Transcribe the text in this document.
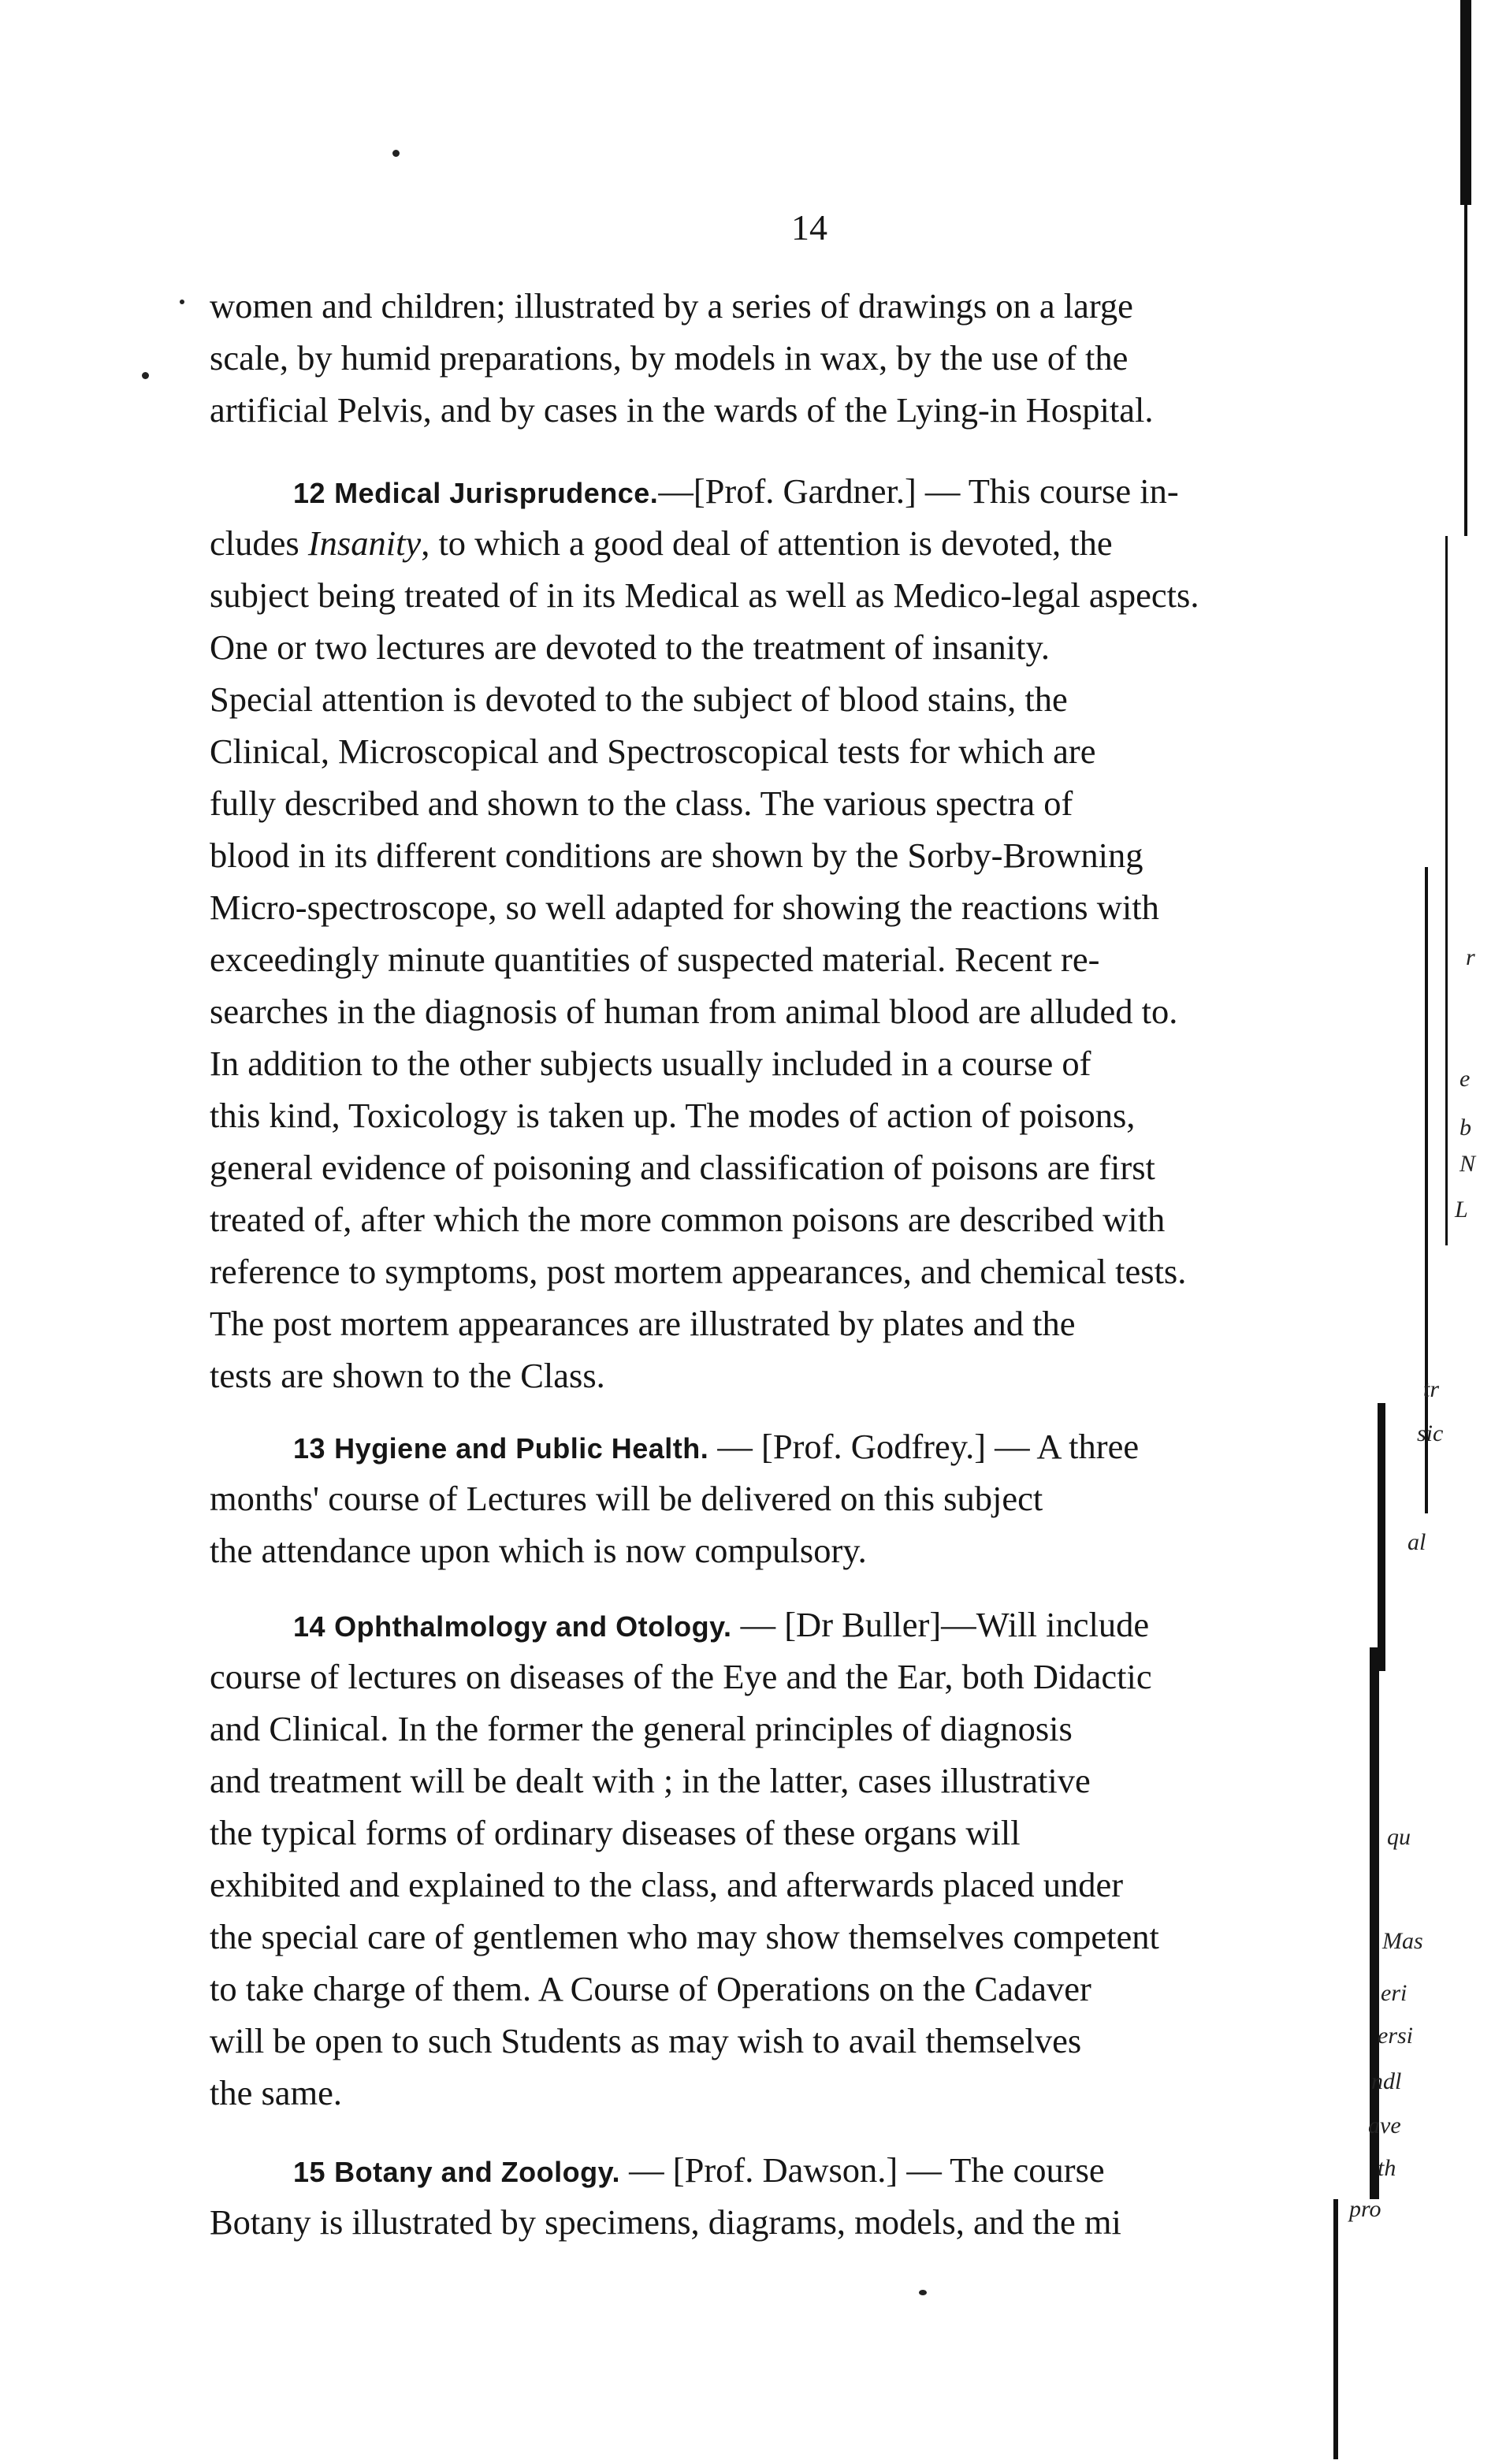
14
women and children; illustrated by a series of drawings on a large
scale, by humid preparations, by models in wax, by the use of the
artificial Pelvis, and by cases in the wards of the Lying-in Hospital.
12 Medical Jurisprudence.—[Prof. Gardner.] — This course in-
cludes Insanity, to which a good deal of attention is devoted, the
subject being treated of in its Medical as well as Medico-legal aspects.
One or two lectures are devoted to the treatment of insanity.
Special attention is devoted to the subject of blood stains, the
Clinical, Microscopical and Spectroscopical tests for which are
fully described and shown to the class. The various spectra of
blood in its different conditions are shown by the Sorby-Browning
Micro-spectroscope, so well adapted for showing the reactions with
exceedingly minute quantities of suspected material. Recent re-
searches in the diagnosis of human from animal blood are alluded to.
In addition to the other subjects usually included in a course of
this kind, Toxicology is taken up. The modes of action of poisons,
general evidence of poisoning and classification of poisons are first
treated of, after which the more common poisons are described with
reference to symptoms, post mortem appearances, and chemical tests.
The post mortem appearances are illustrated by plates and the
tests are shown to the Class.
13 Hygiene and Public Health. — [Prof. Godfrey.] — A three
months' course of Lectures will be delivered on this subject
the attendance upon which is now compulsory.
14 Ophthalmology and Otology. — [Dr Buller]—Will include
course of lectures on diseases of the Eye and the Ear, both Didactic
and Clinical. In the former the general principles of diagnosis
and treatment will be dealt with ; in the latter, cases illustrative
the typical forms of ordinary diseases of these organs will
exhibited and explained to the class, and afterwards placed under
the special care of gentlemen who may show themselves competent
to take charge of them. A Course of Operations on the Cadaver
will be open to such Students as may wish to avail themselves
the same.
15 Botany and Zoology. — [Prof. Dawson.] — The course
Botany is illustrated by specimens, diagrams, models, and the mi
r
e
b
N
L
tr
sic
al
qu
Mas
eri
ersi
ndl
ave
th
pro
